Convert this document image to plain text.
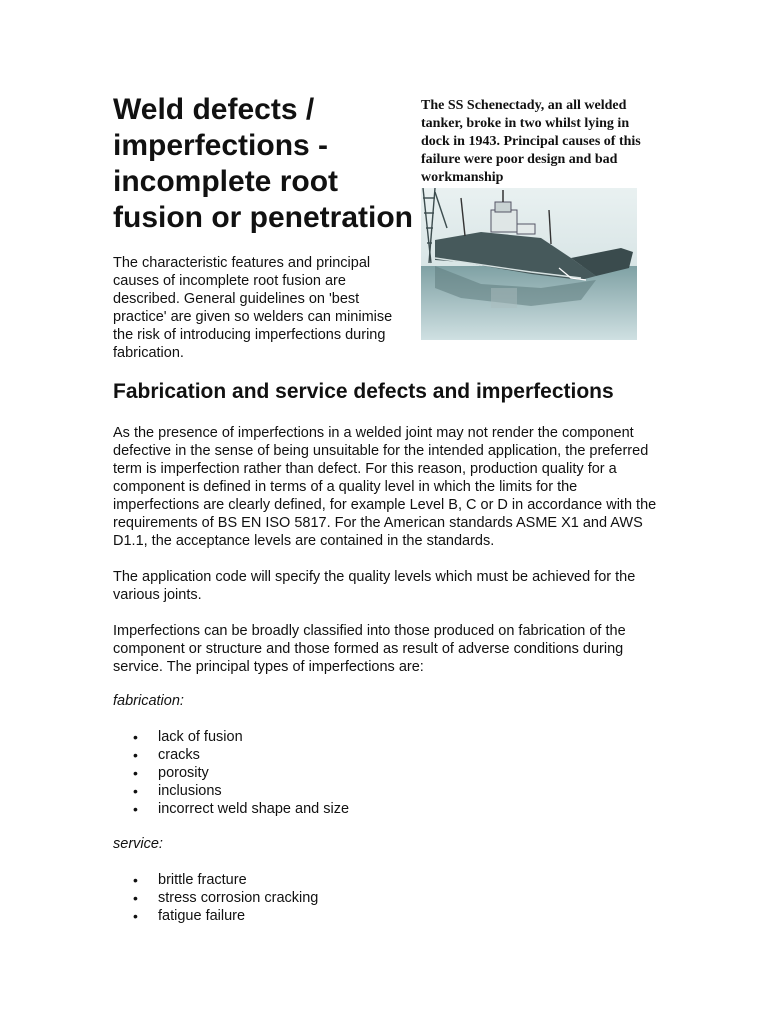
Weld defects / imperfections - incomplete root fusion or penetration

The characteristic features and principal causes of incomplete root fusion are described. General guidelines on 'best practice' are given so welders can minimise the risk of introducing imperfections during fabrication.

The SS Schenectady, an all welded tanker, broke in two whilst lying in dock in 1943. Principal causes of this failure were poor design and bad workmanship

Fabrication and service defects and imperfections

As the presence of imperfections in a welded joint may not render the component defective in the sense of being unsuitable for the intended application, the preferred term is imperfection rather than defect. For this reason, production quality for a component is defined in terms of a quality level in which the limits for the imperfections are clearly defined, for example Level B, C or D in accordance with the requirements of BS EN ISO 5817. For the American standards ASME X1 and AWS D1.1, the acceptance levels are contained in the standards.

The application code will specify the quality levels which must be achieved for the various joints.

Imperfections can be broadly classified into those produced on fabrication of the component or structure and those formed as result of adverse conditions during service. The principal types of imperfections are:

fabrication:

• lack of fusion
• cracks
• porosity
• inclusions
• incorrect weld shape and size

service:

• brittle fracture
• stress corrosion cracking
• fatigue failure
